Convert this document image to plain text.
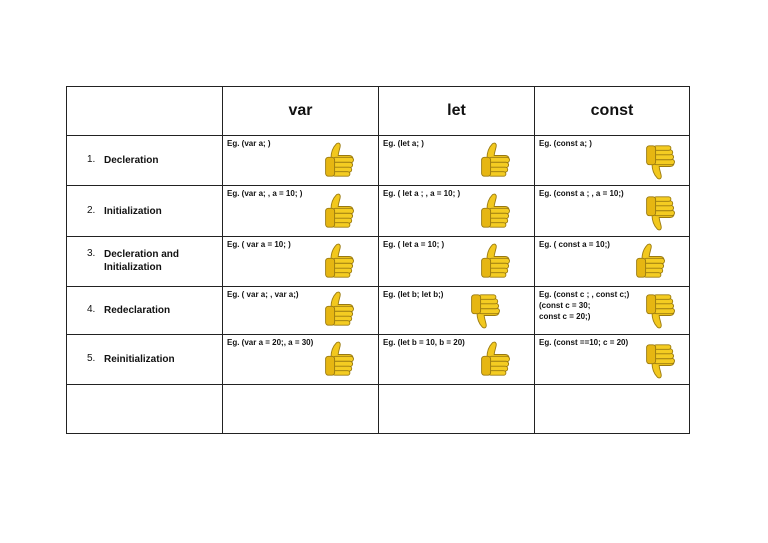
	var	let	const

1. Decleration	Eg. (var a; )	Eg. (let a; )	Eg. (const a; )

2. Initialization	Eg. (var a; , a = 10; )	Eg. ( let a ; , a = 10; )	Eg. (const a ; , a = 10;)

3. Decleration and Initialization	Eg. ( var a = 10; )	Eg. ( let a = 10; )	Eg. ( const a = 10;)

4. Redeclaration	Eg. ( var a; , var a;)	Eg. (let b; let b;)	Eg. (const c ; , const c;)
(const c = 30;
const c = 20;)

5. Reinitialization	Eg. (var a = 20;, a = 30)	Eg. (let b = 10, b = 20)	Eg. (const ==10; c = 20)
